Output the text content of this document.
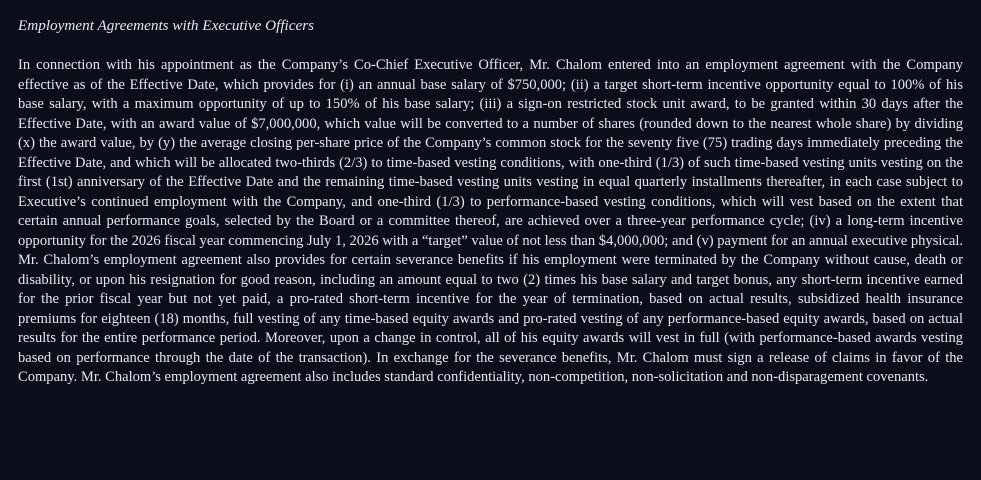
Employment Agreements with Executive Officers

In connection with his appointment as the Company’s Co-Chief Executive Officer, Mr. Chalom entered into an employment agreement with the Company effective as of the Effective Date, which provides for (i) an annual base salary of $750,000; (ii) a target short-term incentive opportunity equal to 100% of his base salary, with a maximum opportunity of up to 150% of his base salary; (iii) a sign-on restricted stock unit award, to be granted within 30 days after the Effective Date, with an award value of $7,000,000, which value will be converted to a number of shares (rounded down to the nearest whole share) by dividing (x) the award value, by (y) the average closing per-share price of the Company’s common stock for the seventy five (75) trading days immediately preceding the Effective Date, and which will be allocated two-thirds (2/3) to time-based vesting conditions, with one-third (1/3) of such time-based vesting units vesting on the first (1st) anniversary of the Effective Date and the remaining time-based vesting units vesting in equal quarterly installments thereafter, in each case subject to Executive’s continued employment with the Company, and one-third (1/3) to performance-based vesting conditions, which will vest based on the extent that certain annual performance goals, selected by the Board or a committee thereof, are achieved over a three-year performance cycle; (iv) a long-term incentive opportunity for the 2026 fiscal year commencing July 1, 2026 with a “target” value of not less than $4,000,000; and (v) payment for an annual executive physical. Mr. Chalom’s employment agreement also provides for certain severance benefits if his employment were terminated by the Company without cause, death or disability, or upon his resignation for good reason, including an amount equal to two (2) times his base salary and target bonus, any short-term incentive earned for the prior fiscal year but not yet paid, a pro-rated short-term incentive for the year of termination, based on actual results, subsidized health insurance premiums for eighteen (18) months, full vesting of any time-based equity awards and pro-rated vesting of any performance-based equity awards, based on actual results for the entire performance period. Moreover, upon a change in control, all of his equity awards will vest in full (with performance-based awards vesting based on performance through the date of the transaction). In exchange for the severance benefits, Mr. Chalom must sign a release of claims in favor of the Company. Mr. Chalom’s employment agreement also includes standard confidentiality, non-competition, non-solicitation and non-disparagement covenants.
